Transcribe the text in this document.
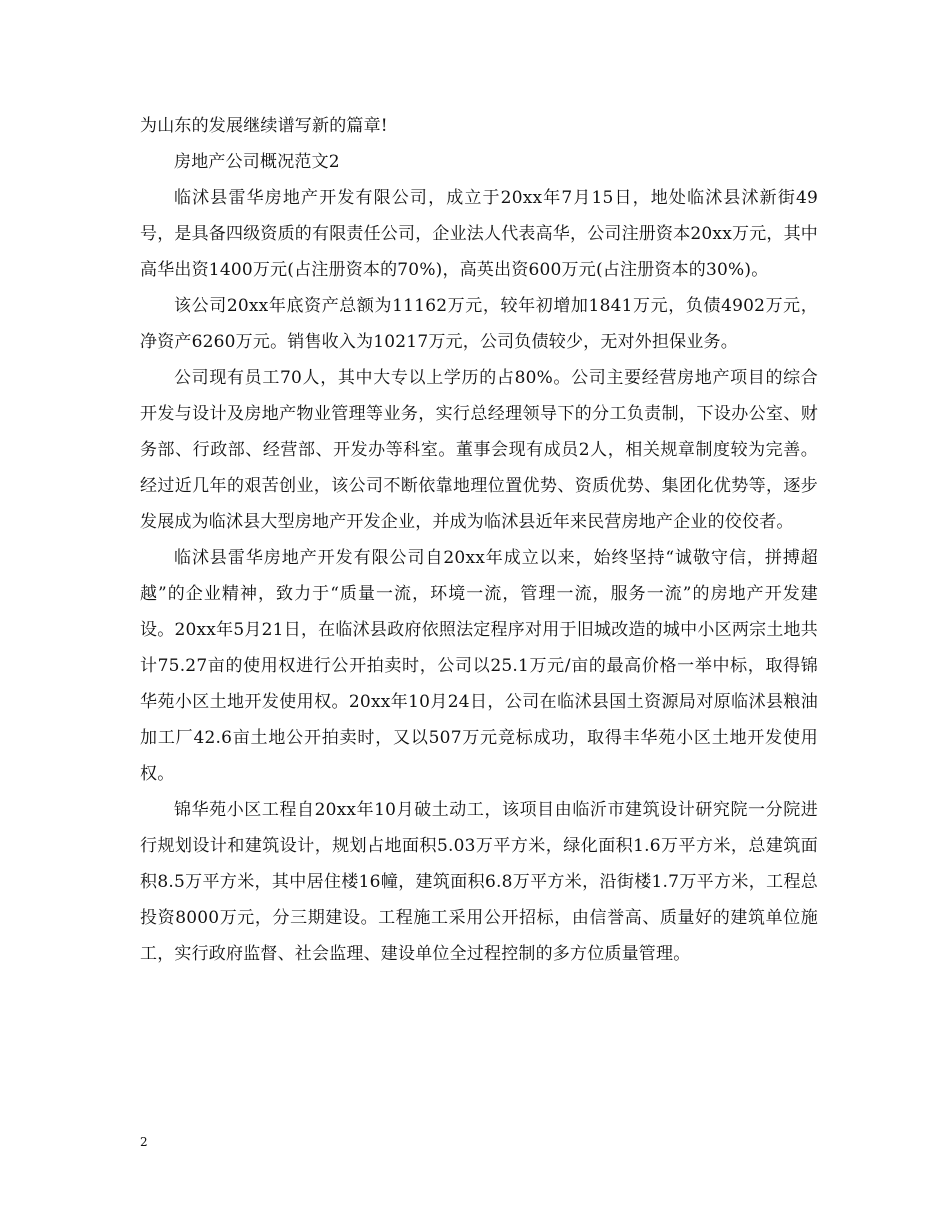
为山东的发展继续谱写新的篇章!

房地产公司概况范文2

临沭县雷华房地产开发有限公司，成立于20xx年7月15日，地处临沭县沭新街49号，是具备四级资质的有限责任公司，企业法人代表高华，公司注册资本20xx万元，其中高华出资1400万元(占注册资本的70%)，高英出资600万元(占注册资本的30%)。

该公司20xx年底资产总额为11162万元，较年初增加1841万元，负债4902万元，净资产6260万元。销售收入为10217万元，公司负债较少，无对外担保业务。

公司现有员工70人，其中大专以上学历的占80%。公司主要经营房地产项目的综合开发与设计及房地产物业管理等业务，实行总经理领导下的分工负责制，下设办公室、财务部、行政部、经营部、开发办等科室。董事会现有成员2人，相关规章制度较为完善。经过近几年的艰苦创业，该公司不断依靠地理位置优势、资质优势、集团化优势等，逐步发展成为临沭县大型房地产开发企业，并成为临沭县近年来民营房地产企业的佼佼者。

临沭县雷华房地产开发有限公司自20xx年成立以来，始终坚持“诚敬守信，拼搏超越”的企业精神，致力于“质量一流，环境一流，管理一流，服务一流”的房地产开发建设。20xx年5月21日，在临沭县政府依照法定程序对用于旧城改造的城中小区两宗土地共计75.27亩的使用权进行公开拍卖时，公司以25.1万元/亩的最高价格一举中标，取得锦华苑小区土地开发使用权。20xx年10月24日，公司在临沭县国土资源局对原临沭县粮油加工厂42.6亩土地公开拍卖时，又以507万元竞标成功，取得丰华苑小区土地开发使用权。

锦华苑小区工程自20xx年10月破土动工，该项目由临沂市建筑设计研究院一分院进行规划设计和建筑设计，规划占地面积5.03万平方米，绿化面积1.6万平方米，总建筑面积8.5万平方米，其中居住楼16幢，建筑面积6.8万平方米，沿街楼1.7万平方米，工程总投资8000万元，分三期建设。工程施工采用公开招标，由信誉高、质量好的建筑单位施工，实行政府监督、社会监理、建设单位全过程控制的多方位质量管理。

2
